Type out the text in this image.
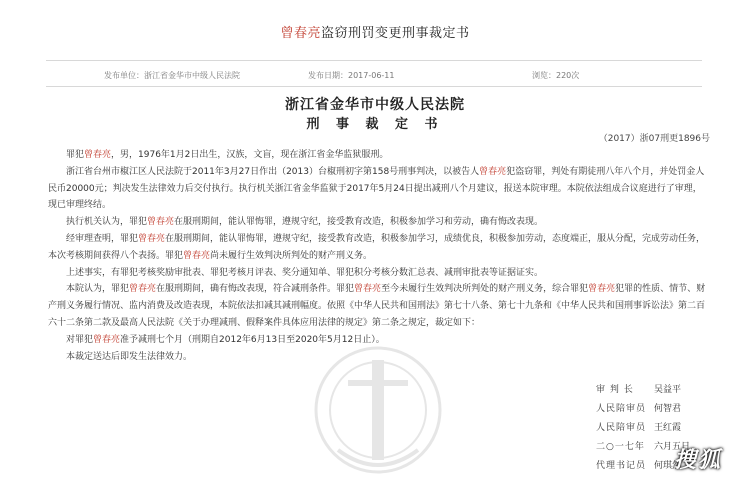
曾春亮盗窃刑罚变更刑事裁定书
发布单位：浙江省金华市中级人民法院	发布日期：2017-06-11	浏览：220次
浙江省金华市中级人民法院
刑 事 裁 定 书
（2017）浙07刑更1896号

罪犯曾春亮，男，1976年1月2日出生，汉族，文盲，现在浙江省金华监狱服刑。

浙江省台州市椒江区人民法院于2011年3月27日作出（2013）台椒刑初字第158号刑事判决，以被告人曾春亮犯盗窃罪，判处有期徒刑八年八个月，并处罚金人民币20000元；判决发生法律效力后交付执行。执行机关浙江省金华监狱于2017年5月24日提出减刑八个月建议，报送本院审理。本院依法组成合议庭进行了审理，现已审理终结。

执行机关认为，罪犯曾春亮在服刑期间，能认罪悔罪，遵规守纪，接受教育改造，积极参加学习和劳动，确有悔改表现。

经审理查明，罪犯曾春亮在服刑期间，能认罪悔罪，遵规守纪，接受教育改造，积极参加学习，成绩优良，积极参加劳动，态度端正，服从分配，完成劳动任务，本次考核期间获得八个表扬。罪犯曾春亮尚未履行生效判决所判处的财产刑义务。

上述事实，有罪犯考核奖励审批表、罪犯考核月评表、奖分通知单、罪犯积分考核分数汇总表、减刑审批表等证据证实。

本院认为，罪犯曾春亮在服刑期间，确有悔改表现，符合减刑条件。罪犯曾春亮至今未履行生效判决所判处的财产刑义务，综合罪犯曾春亮犯罪的性质、情节、财产刑义务履行情况、监内消费及改造表现，本院依法扣减其减刑幅度。依照《中华人民共和国刑法》第七十八条、第七十九条和《中华人民共和国刑事诉讼法》第二百六十二条第二款及最高人民法院《关于办理减刑、假释案件具体应用法律的规定》第二条之规定，裁定如下：

对罪犯曾春亮准予减刑七个月（刑期自2012年6月13日至2020年5月12日止）。

本裁定送达后即发生法律效力。

审 判 长	吴益平
人民陪审员 何智君
人民陪审员 王红霞
二○一七年	六月五日
代理书记员 何琪然
搜狐
